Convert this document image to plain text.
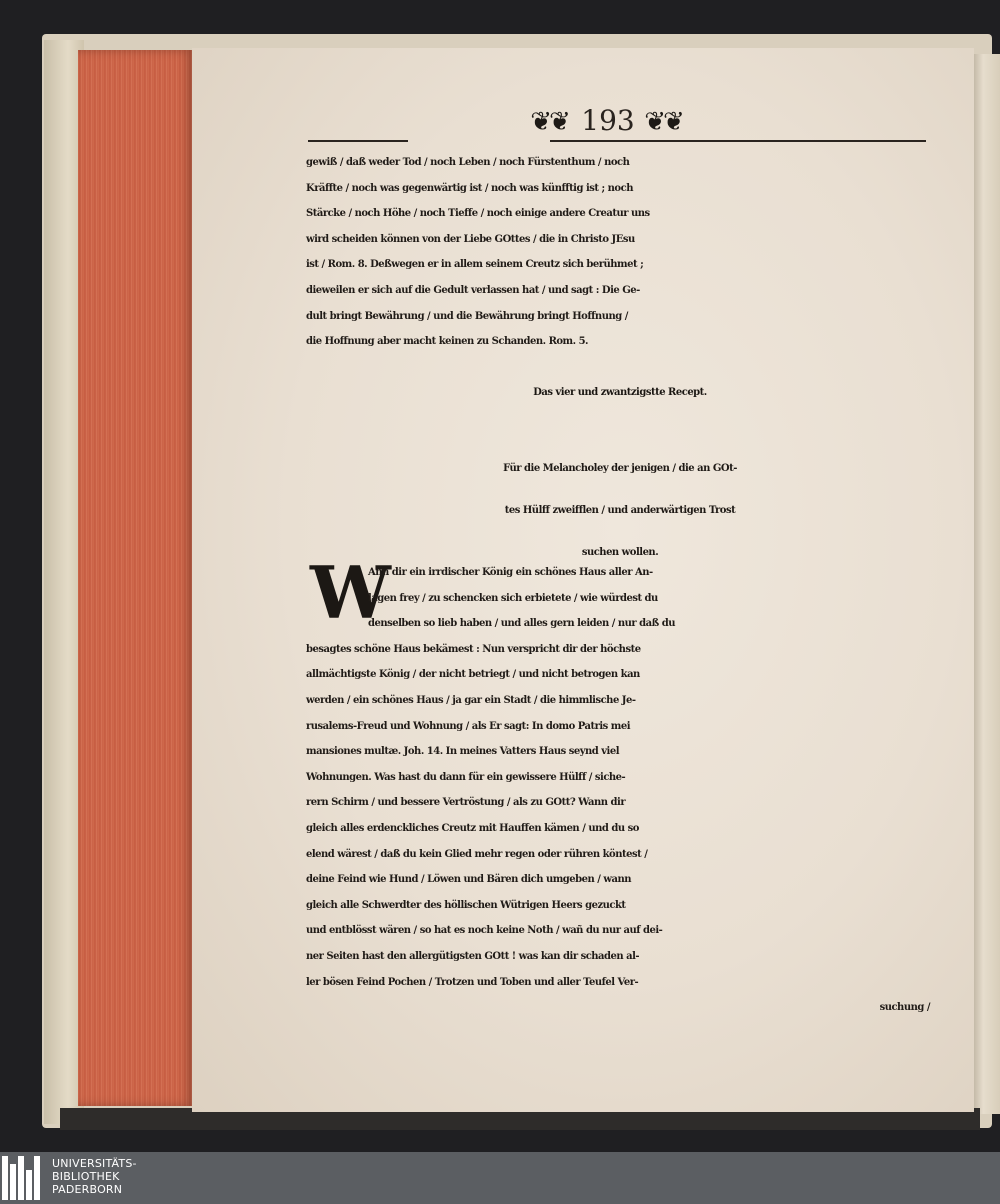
❦❦ 193 ❦❦
gewiß / daß weder Tod / noch Leben / noch Fürstenthum / noch
Kräffte / noch was gegenwärtig ist / noch was künfftig ist ; noch
Stärcke / noch Höhe / noch Tieffe / noch einige andere Creatur uns
wird scheiden können von der Liebe GOttes / die in Christo JEsu
ist / Rom. 8. Deßwegen er in allem seinem Creutz sich berühmet ;
dieweilen er sich auf die Gedult verlassen hat / und sagt : Die Ge-
dult bringt Bewährung / und die Bewährung bringt Hoffnung /
die Hoffnung aber macht keinen zu Schanden. Rom. 5.
Das vier und zwantzigstte Recept.
Für die Melancholey der jenigen / die an GOt-
tes Hülff zweifflen / und anderwärtigen Trost
suchen wollen.
W
Ann dir ein irrdischer König ein schönes Haus aller An-
lagen frey / zu schencken sich erbietete / wie würdest du
denselben so lieb haben / und alles gern leiden / nur daß du
besagtes schöne Haus bekämest : Nun verspricht dir der höchste
allmächtigste König / der nicht betriegt / und nicht betrogen kan
werden / ein schönes Haus / ja gar ein Stadt / die himmlische Je-
rusalems-Freud und Wohnung / als Er sagt: In domo Patris mei
mansiones multæ. Joh. 14. In meines Vatters Haus seynd viel
Wohnungen. Was hast du dann für ein gewissere Hülff / siche-
rern Schirm / und bessere Vertröstung / als zu GOtt? Wann dir
gleich alles erdenckliches Creutz mit Hauffen kämen / und du so
elend wärest / daß du kein Glied mehr regen oder rühren köntest /
deine Feind wie Hund / Löwen und Bären dich umgeben / wann
gleich alle Schwerdter des höllischen Wütrigen Heers gezuckt
und entblösst wären / so hat es noch keine Noth / wañ du nur auf dei-
ner Seiten hast den allergütigsten GOtt ! was kan dir schaden al-
ler bösen Feind Pochen / Trotzen und Toben und aller Teufel Ver-
suchung /
UNIVERSITÄTS-
BIBLIOTHEK
PADERBORN
